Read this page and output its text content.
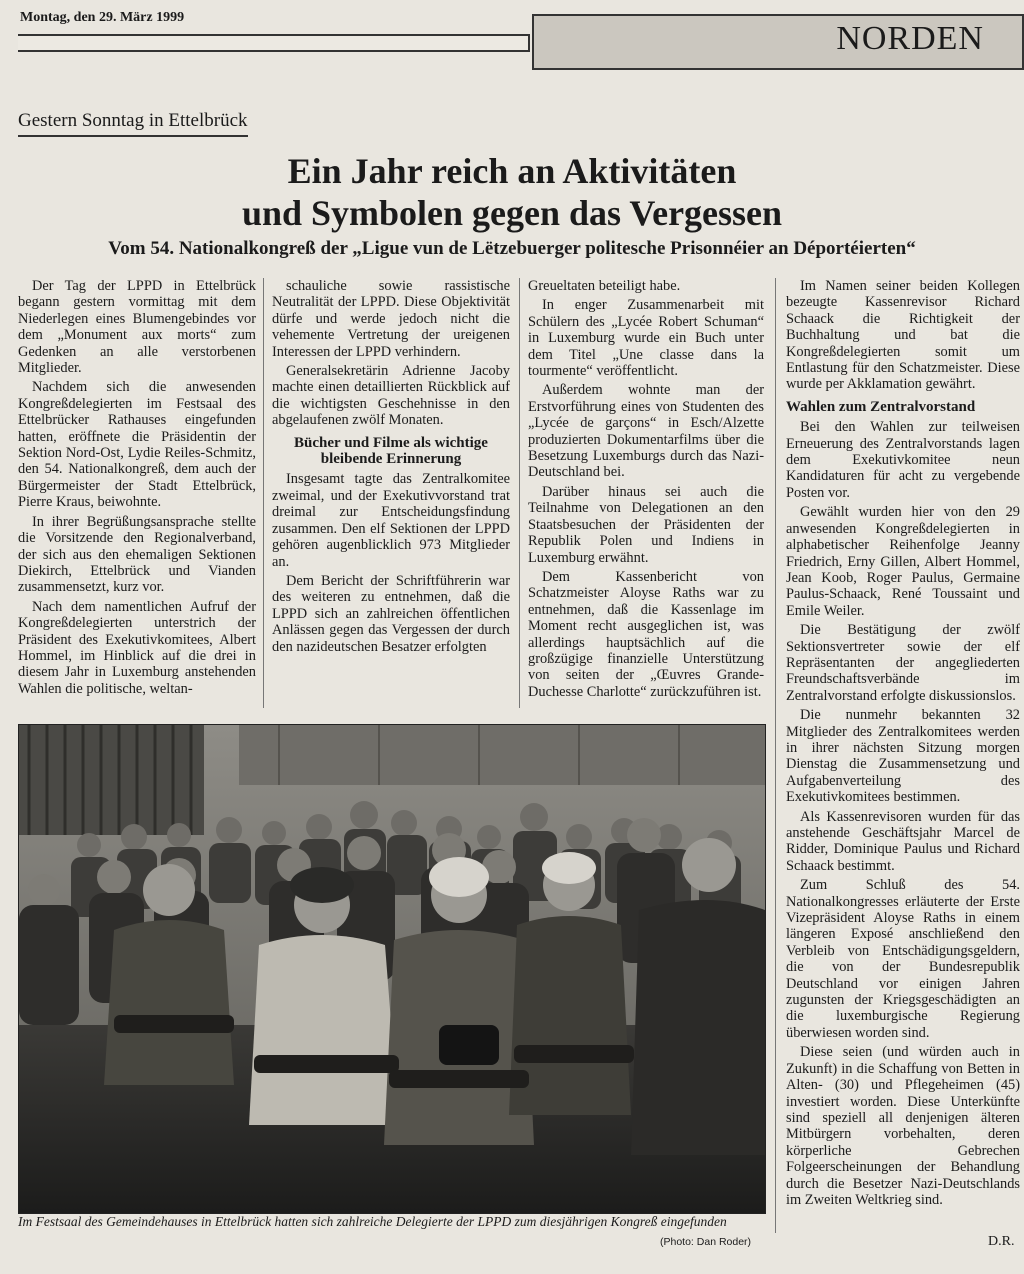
Montag, den 29. März 1999
NORDEN
Gestern Sonntag in Ettelbrück
Ein Jahr reich an Aktivitäten
und Symbolen gegen das Vergessen
Vom 54. Nationalkongreß der „Ligue vun de Lëtzebuerger politesche Prisonnéier an Déportéierten“

Der Tag der LPPD in Ettelbrück begann gestern vormittag mit dem Niederlegen eines Blumengebindes vor dem „Monument aux morts“ zum Gedenken an alle verstorbenen Mitglieder.

Nachdem sich die anwesenden Kongreßdelegierten im Festsaal des Ettelbrücker Rathauses eingefunden hatten, eröffnete die Präsidentin der Sektion Nord-Ost, Lydie Reiles-Schmitz, den 54. Nationalkongreß, dem auch der Bürgermeister der Stadt Ettelbrück, Pierre Kraus, beiwohnte.

In ihrer Begrüßungsansprache stellte die Vorsitzende den Regionalverband, der sich aus den ehemaligen Sektionen Diekirch, Ettelbrück und Vianden zusammensetzt, kurz vor.

Nach dem namentlichen Aufruf der Kongreßdelegierten unterstrich der Präsident des Exekutivkomitees, Albert Hommel, im Hinblick auf die drei in diesem Jahr in Luxemburg anstehenden Wahlen die politische, weltan-

schauliche sowie rassistische Neutralität der LPPD. Diese Objektivität dürfe und werde jedoch nicht die vehemente Vertretung der ureigenen Interessen der LPPD verhindern.

Generalsekretärin Adrienne Jacoby machte einen detaillierten Rückblick auf die wichtigsten Geschehnisse in den abgelaufenen zwölf Monaten.

Bücher und Filme als wichtige bleibende Erinnerung

Insgesamt tagte das Zentralkomitee zweimal, und der Exekutivvorstand trat dreimal zur Entscheidungsfindung zusammen. Den elf Sektionen der LPPD gehören augenblicklich 973 Mitglieder an.

Dem Bericht der Schriftführerin war des weiteren zu entnehmen, daß die LPPD sich an zahlreichen öffentlichen Anlässen gegen das Vergessen der durch den nazideutschen Besatzer erfolgten

Greueltaten beteiligt habe.

In enger Zusammenarbeit mit Schülern des „Lycée Robert Schuman“ in Luxemburg wurde ein Buch unter dem Titel „Une classe dans la tourmente“ veröffentlicht.

Außerdem wohnte man der Erstvorführung eines von Studenten des „Lycée de garçons“ in Esch/Alzette produzierten Dokumentarfilms über die Besetzung Luxemburgs durch das Nazi-Deutschland bei.

Darüber hinaus sei auch die Teilnahme von Delegationen an den Staatsbesuchen der Präsidenten der Republik Polen und Indiens in Luxemburg erwähnt.

Dem Kassenbericht von Schatzmeister Aloyse Raths war zu entnehmen, daß die Kassenlage im Moment recht ausgeglichen ist, was allerdings hauptsächlich auf die großzügige finanzielle Unterstützung von seiten der „Œuvres Grande-Duchesse Charlotte“ zurückzuführen ist.

Im Namen seiner beiden Kollegen bezeugte Kassenrevisor Richard Schaack die Richtigkeit der Buchhaltung und bat die Kongreßdelegierten somit um Entlastung für den Schatzmeister. Diese wurde per Akklamation gewährt.

Wahlen zum Zentralvorstand

Bei den Wahlen zur teilweisen Erneuerung des Zentralvorstands lagen dem Exekutivkomitee neun Kandidaturen für acht zu vergebende Posten vor.

Gewählt wurden hier von den 29 anwesenden Kongreßdelegierten in alphabetischer Reihenfolge Jeanny Friedrich, Erny Gillen, Albert Hommel, Jean Koob, Roger Paulus, Germaine Paulus-Schaack, René Toussaint und Emile Weiler.

Die Bestätigung der zwölf Sektionsvertreter sowie der elf Repräsentanten der angegliederten Freundschaftsverbände im Zentralvorstand erfolgte diskussionslos.

Die nunmehr bekannten 32 Mitglieder des Zentralkomitees werden in ihrer nächsten Sitzung morgen Dienstag die Zusammensetzung und Aufgabenverteilung des Exekutivkomitees bestimmen.

Als Kassenrevisoren wurden für das anstehende Geschäftsjahr Marcel de Ridder, Dominique Paulus und Richard Schaack bestimmt.

Zum Schluß des 54. Nationalkongresses erläuterte der Erste Vizepräsident Aloyse Raths in einem längeren Exposé anschließend den Verbleib von Entschädigungsgeldern, die von der Bundesrepublik Deutschland vor einigen Jahren zugunsten der Kriegsgeschädigten an die luxemburgische Regierung überwiesen worden sind.

Diese seien (und würden auch in Zukunft) in die Schaffung von Betten in Alten- (30) und Pflegeheimen (45) investiert worden. Diese Unterkünfte sind speziell all denjenigen älteren Mitbürgern vorbehalten, deren körperliche Gebrechen Folgeerscheinungen der Behandlung durch die Besetzer Nazi-Deutschlands im Zweiten Weltkrieg sind.

D.R.
Im Festsaal des Gemeindehauses in Ettelbrück hatten sich zahlreiche Delegierte der LPPD zum diesjährigen Kongreß eingefunden
(Photo: Dan Roder)
